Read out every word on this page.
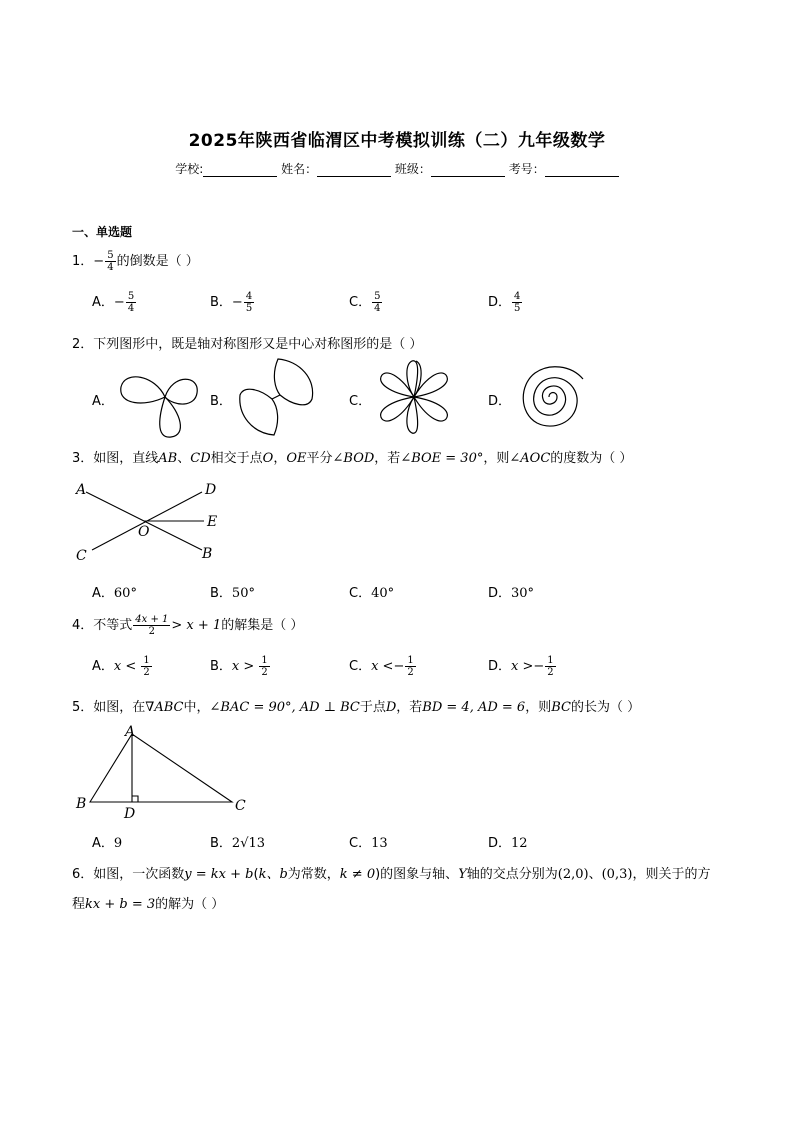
2025年陕西省临渭区中考模拟训练（二）九年级数学
学校:	姓名：	班级：	考号：
一、单选题
1．− $\frac{5}{4}$ 的倒数是（ ）
A．− $\frac{5}{4}$	B．− $\frac{4}{5}$	C． $\frac{5}{4}$	D． $\frac{4}{5}$
2．下列图形中，既是轴对称图形又是中心对称图形的是（ ）
A．	B．	C．	D．
3．如图，直线AB、CD相交于点O，OE平分∠BOD，若∠BOE = 30°，则∠AOC的度数为（ ）
A	D
E
O
C	B
A．60°	B．50°	C．40°	D．30°
4．不等式 $\frac{4x + 1}{2} > x + 1$的解集是（ ）
A．$x < \frac{1}{2}$	B．$x > \frac{1}{2}$	C．$x <- \frac{1}{2}$	D．$x >- \frac{1}{2}$
5．如图，在∇ABC中，∠BAC = 90°, AD ⊥ BC于点D，若BD = 4, AD = 6，则BC的长为（ ）
A
B	C
D
A．9	B．2√13	C．13	D．12
6．如图，一次函数y = kx + b(k、b为常数，k ≠ 0)的图象与轴、Y轴的交点分别为(2,0)、(0,3)，则关于的方
程kx + b = 3的解为（ ）
